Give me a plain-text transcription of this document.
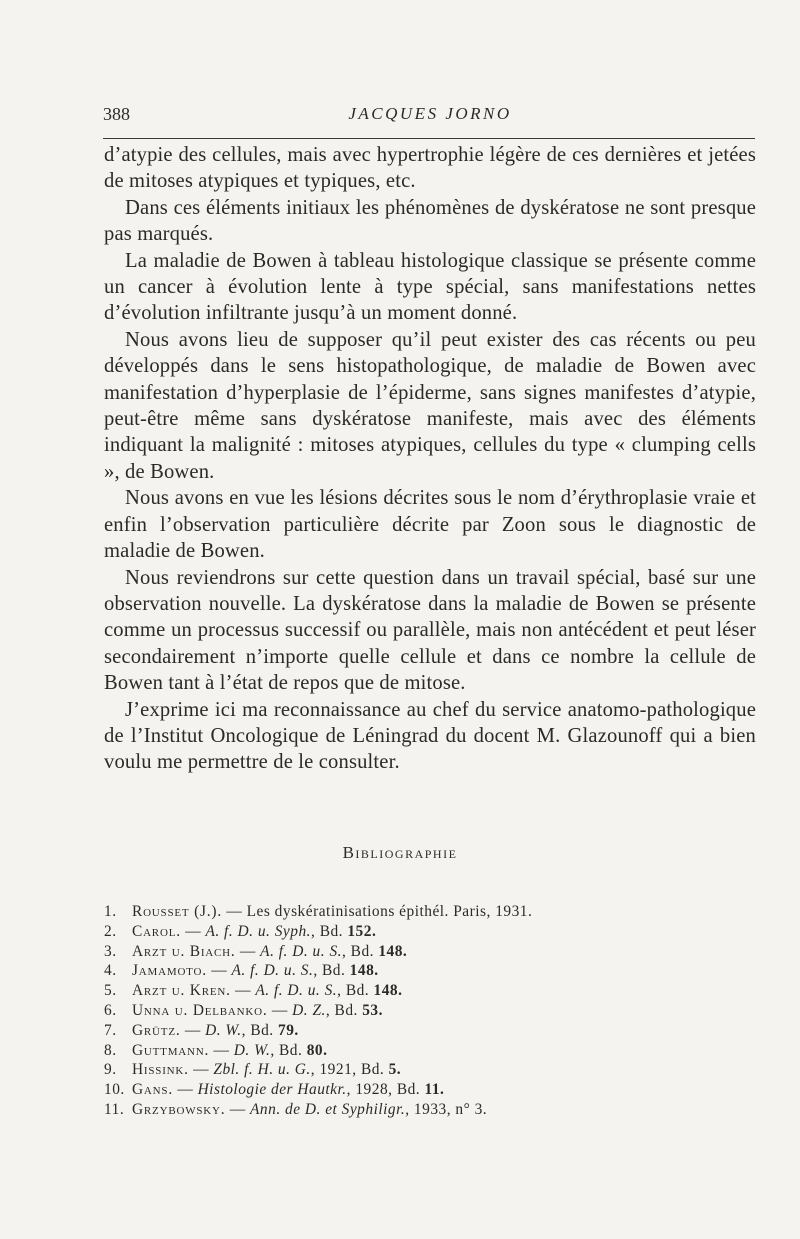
388	JACQUES JORNO

d’atypie des cellules, mais avec hypertrophie légère de ces dernières et jetées de mitoses atypiques et typiques, etc.

Dans ces éléments initiaux les phénomènes de dyskératose ne sont presque pas marqués.

La maladie de Bowen à tableau histologique classique se présente comme un cancer à évolution lente à type spécial, sans manifestations nettes d’évolution infiltrante jusqu’à un moment donné.

Nous avons lieu de supposer qu’il peut exister des cas récents ou peu développés dans le sens histopathologique, de maladie de Bowen avec manifestation d’hyperplasie de l’épiderme, sans signes manifestes d’atypie, peut-être même sans dyskératose manifeste, mais avec des éléments indiquant la malignité : mitoses atypiques, cellules du type « clumping cells », de Bowen.

Nous avons en vue les lésions décrites sous le nom d’érythroplasie vraie et enfin l’observation particulière décrite par Zoon sous le diagnostic de maladie de Bowen.

Nous reviendrons sur cette question dans un travail spécial, basé sur une observation nouvelle. La dyskératose dans la maladie de Bowen se présente comme un processus successif ou parallèle, mais non antécédent et peut léser secondairement n’importe quelle cellule et dans ce nombre la cellule de Bowen tant à l’état de repos que de mitose.

J’exprime ici ma reconnaissance au chef du service anatomo-pathologique de l’Institut Oncologique de Léningrad du docent M. Glazounoff qui a bien voulu me permettre de le consulter.

Bibliographie
1. Rousset (J.). — Les dyskératinisations épithél. Paris, 1931.
2. Carol. — A. f. D. u. Syph., Bd. 152.
3. Arzt u. Biach. — A. f. D. u. S., Bd. 148.
4. Jamamoto. — A. f. D. u. S., Bd. 148.
5. Arzt u. Kren. — A. f. D. u. S., Bd. 148.
6. Unna u. Delbanko. — D. Z., Bd. 53.
7. Grütz. — D. W., Bd. 79.
8. Guttmann. — D. W., Bd. 80.
9. Hissink. — Zbl. f. H. u. G., 1921, Bd. 5.
10. Gans. — Histologie der Hautkr., 1928, Bd. 11.
11. Grzybowsky. — Ann. de D. et Syphiligr., 1933, n° 3.
